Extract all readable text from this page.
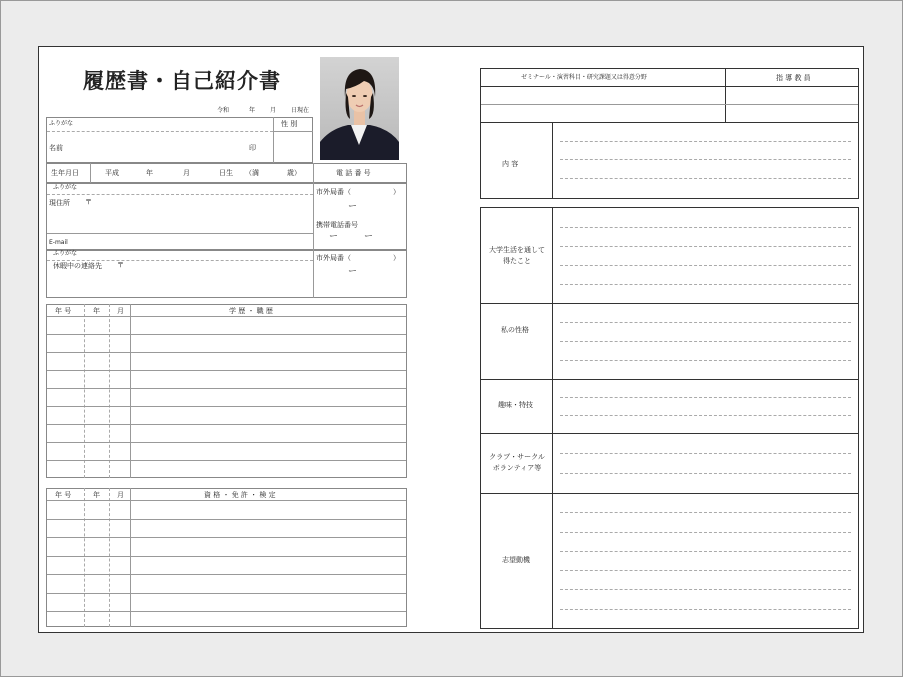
履歴書・自己紹介書
令和	年 月 日現在
ふりがな	性 別
名前	印
生年月日	平成	年	月	日生 （満	歳）	電 話 番 号
ふりがな
現住所 〒
E-mail
市外局番（	）
ー
携帯電話番号
ー	ー
ふりがな
休暇中の連絡先 〒
市外局番（	）
ー
年 号	年 月	学 歴 ・ 職 歴
年 号	年 月	資 格 ・ 免 許 ・ 検 定
ゼミナール・演習科目・研究課題又は得意分野	指 導 教 員
内 容
大学生活を通して
得たこと
私の性格
趣味・特技
クラブ・サークル
ボランティア等
志望動機
